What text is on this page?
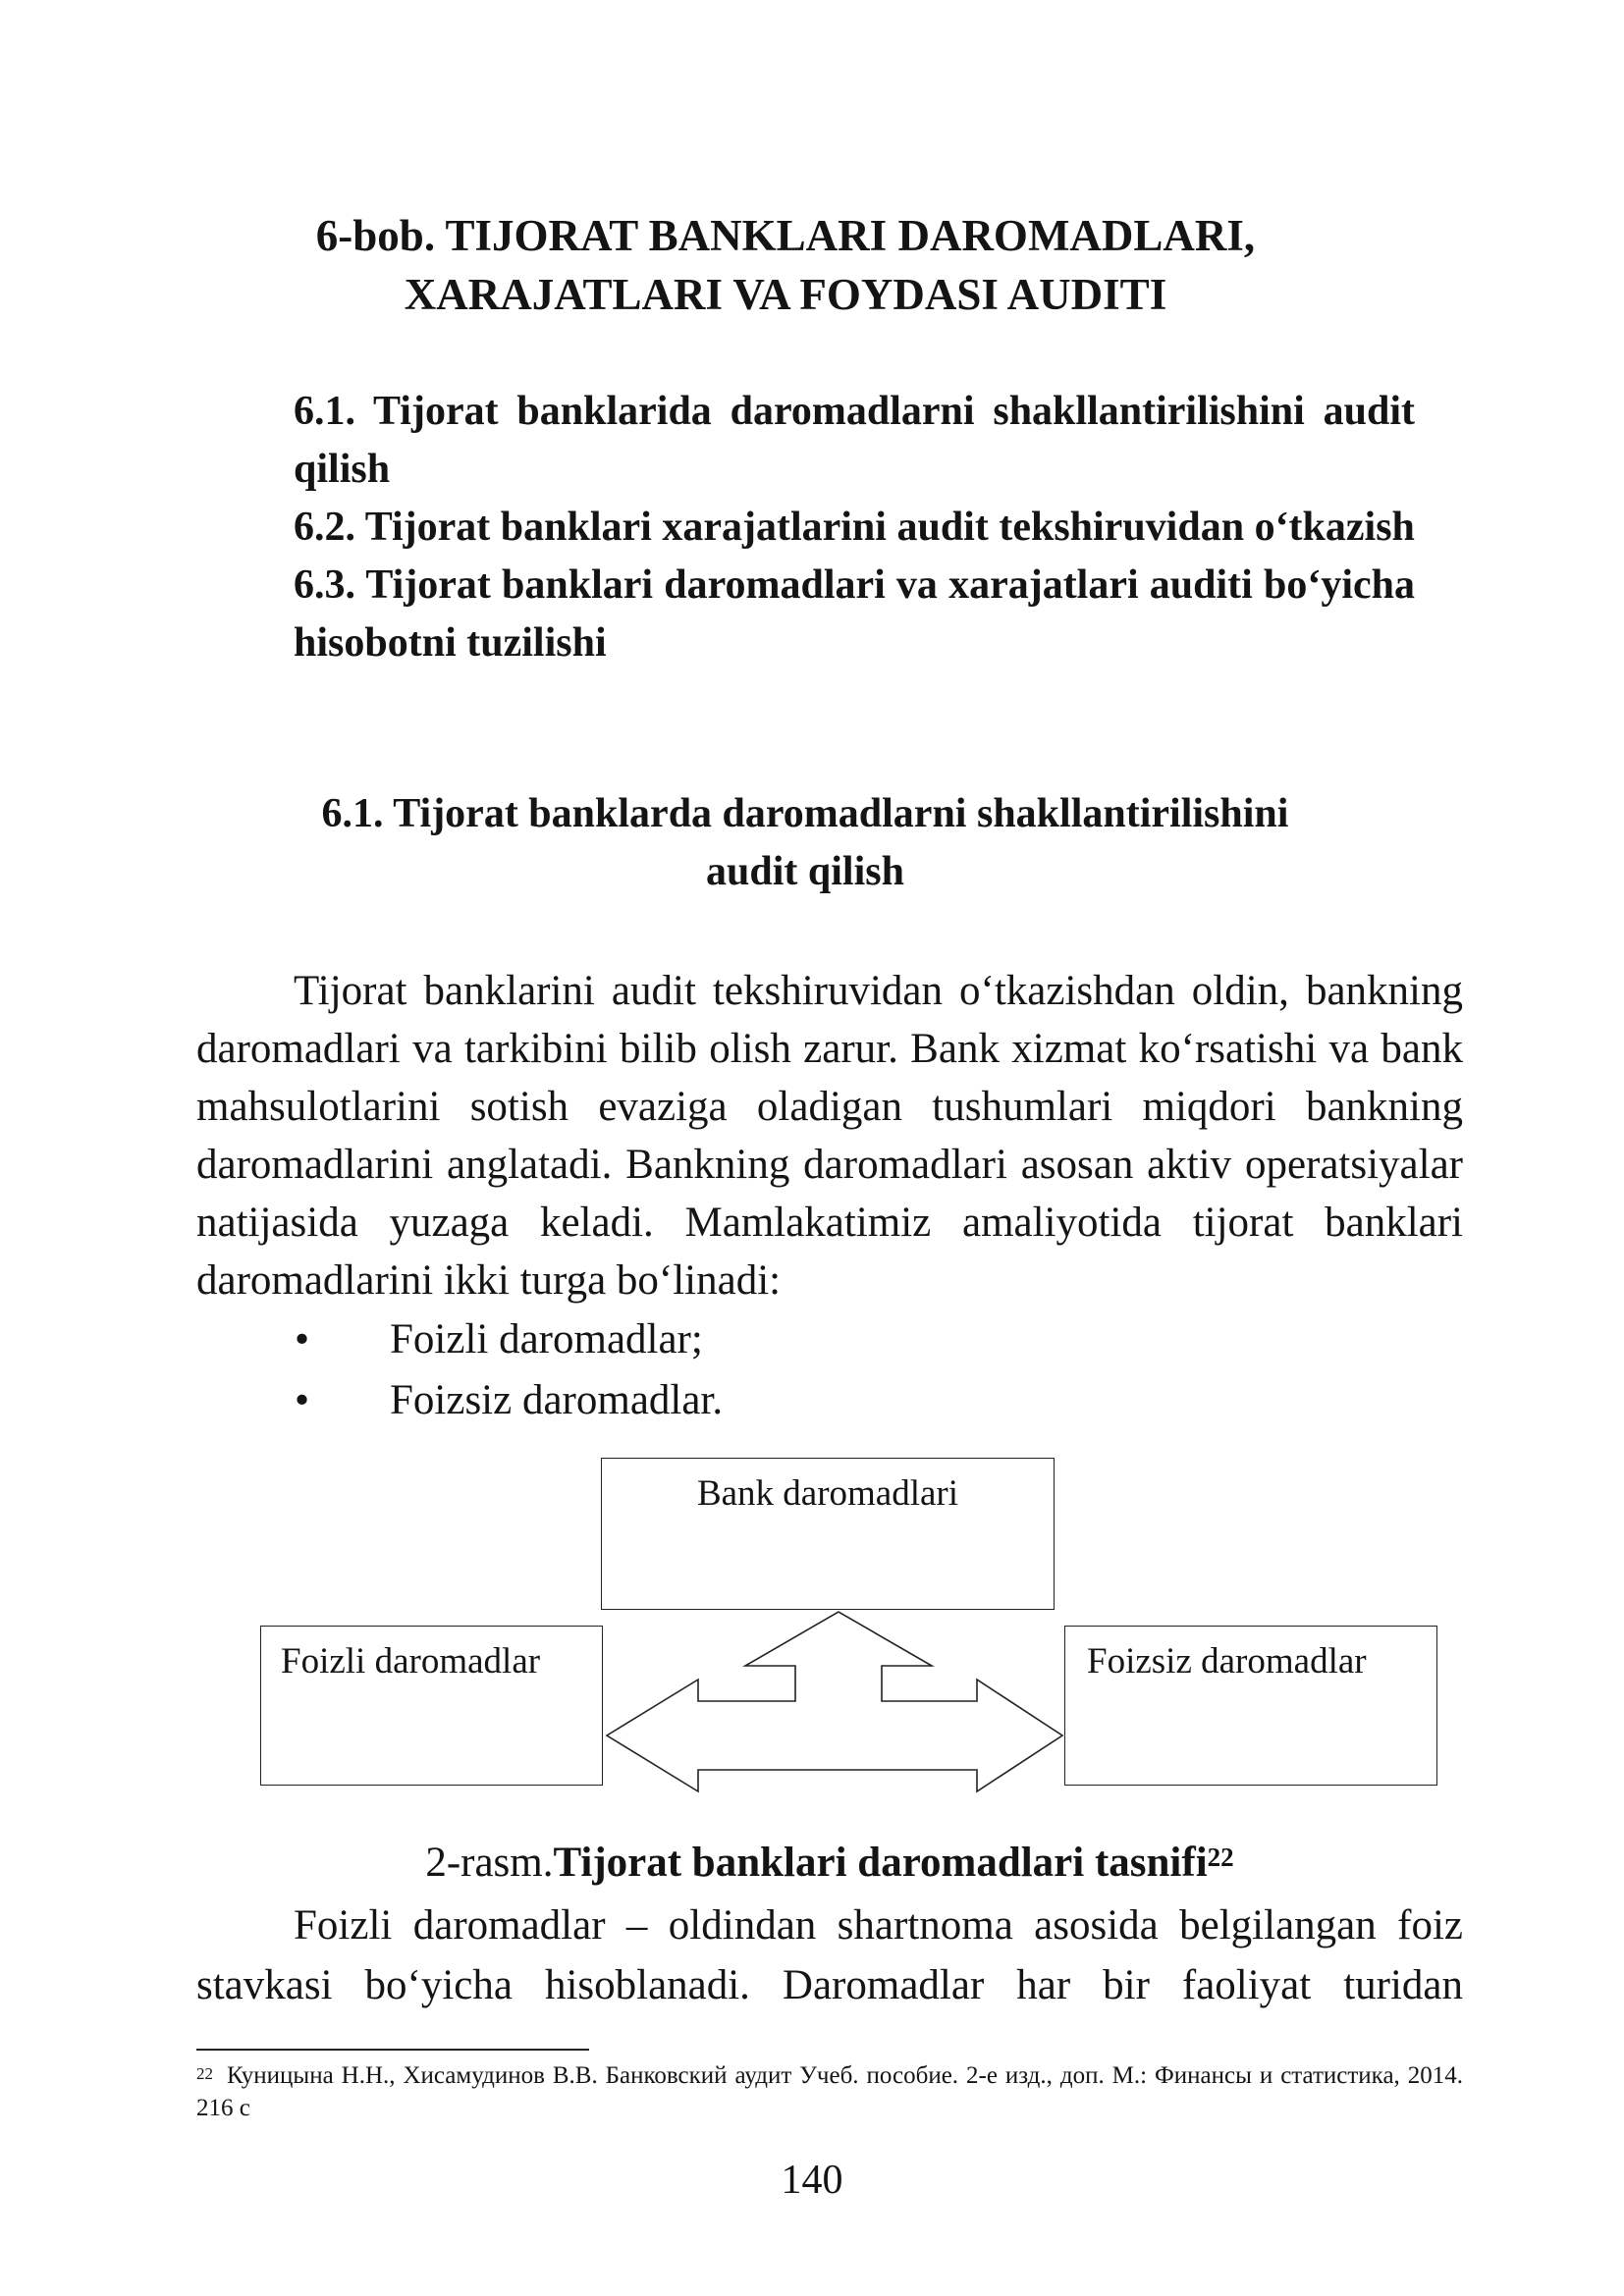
6-bob. TIJORAT BANKLARI DAROMADLARI,
XARAJATLARI VA FOYDASI AUDITI
6.1. Tijorat banklarida daromadlarni shakllantirilishini audit qilish
6.2. Tijorat banklari xarajatlarini audit tekshiruvidan o‘tkazish
6.3. Tijorat banklari daromadlari va xarajatlari auditi bo‘yicha hisobotni tuzilishi
6.1. Tijorat banklarda daromadlarni shakllantirilishini
audit qilish

Tijorat banklarini audit tekshiruvidan o‘tkazishdan oldin, bankning daromadlari va tarkibini bilib olish zarur. Bank xizmat ko‘rsatishi va bank mahsulotlarini sotish evaziga oladigan tushumlari miqdori bankning daromadlarini anglatadi. Bankning daromadlari asosan aktiv operatsiyalar natijasida yuzaga keladi. Mamlakatimiz amaliyotida tijorat banklari daromadlarini ikki turga bo‘linadi:

• Foizli daromadlar;
• Foizsiz daromadlar.
Bank daromadlari
Foizli daromadlar	Foizsiz daromadlar
2-rasm.Tijorat banklari daromadlari tasnifi$^{22}$

Foizli daromadlar – oldindan shartnoma asosida belgilangan foiz stavkasi bo‘yicha hisoblanadi. Daromadlar har bir faoliyat turidan

$^{22}$ Куницына Н.Н., Хисамудинов В.В. Банковский аудит Учеб. пособие. 2-е изд., доп. М.: Финансы и статистика, 2014. 216 с
140
